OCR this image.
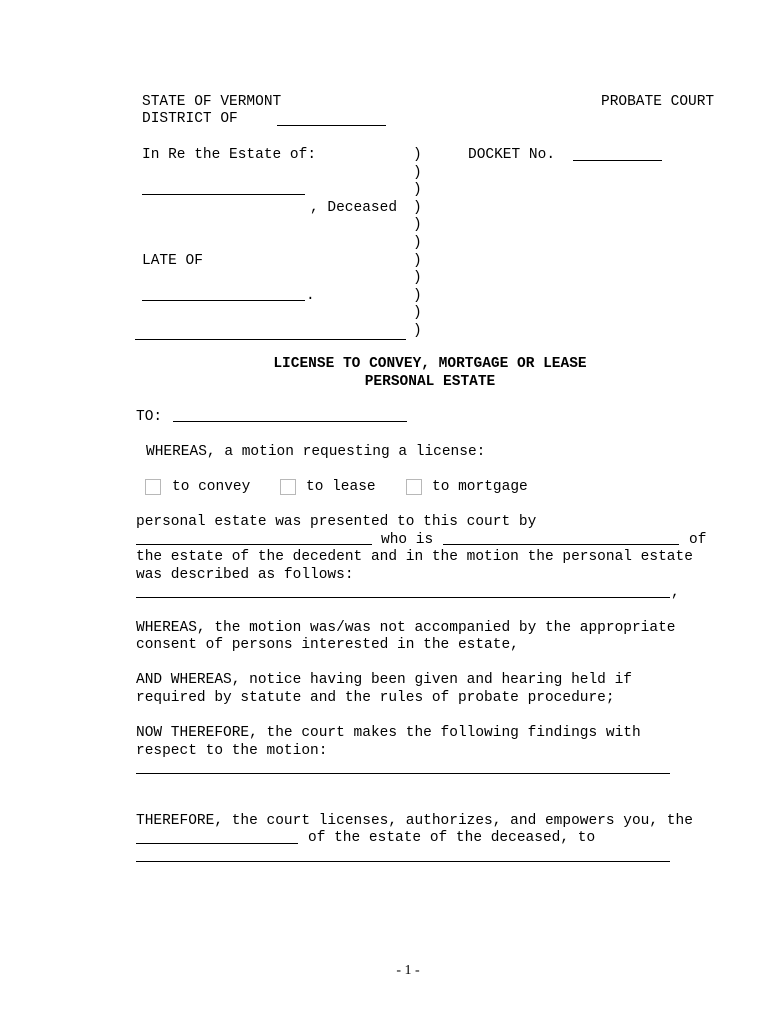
STATE OF VERMONT	PROBATE COURT
DISTRICT OF
In Re the Estate of:	DOCKET No.
, Deceased
LATE OF
.
)
)
)
)
)
)
)
)
)
)
)
LICENSE TO CONVEY, MORTGAGE OR LEASE
PERSONAL ESTATE
TO:
WHEREAS, a motion requesting a license:
to convey	to lease	to mortgage
personal estate was presented to this court by
who is	of
the estate of the decedent and in the motion the personal estate
was described as follows:
,
WHEREAS, the motion was/was not accompanied by the appropriate
consent of persons interested in the estate,
AND WHEREAS, notice having been given and hearing held if
required by statute and the rules of probate procedure;
NOW THEREFORE, the court makes the following findings with
respect to the motion:
THEREFORE, the court licenses, authorizes, and empowers you, the
of the estate of the deceased, to
- 1 -
